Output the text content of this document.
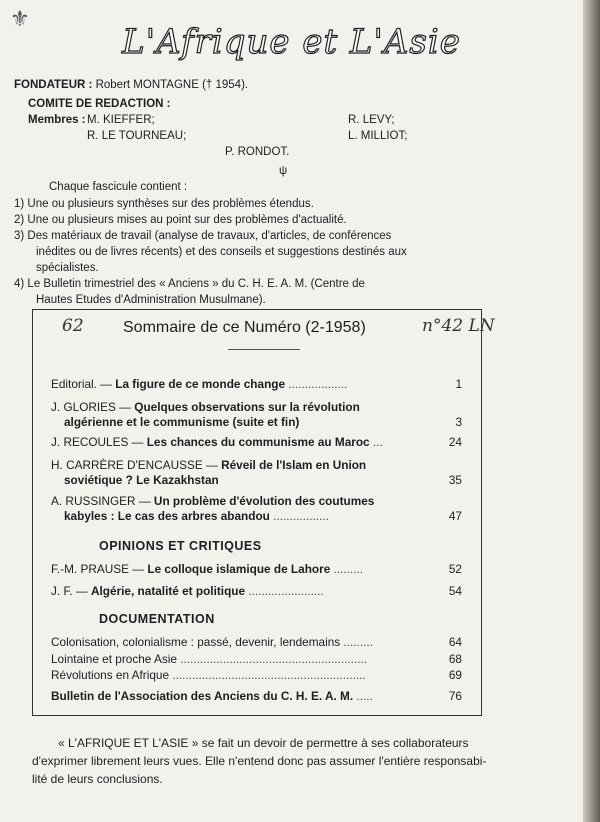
⚜
L'Afrique et L'Asie
FONDATEUR : Robert MONTAGNE († 1954).
COMITE DE REDACTION :
Membres : M. KIEFFER;	R. LEVY;
R. LE TOURNEAU;	L. MILLIOT;
P. RONDOT.
ψ
Chaque fascicule contient :
1) Une ou plusieurs synthèses sur des problèmes étendus.
2) Une ou plusieurs mises au point sur des problèmes d'actualité.
3) Des matériaux de travail (analyse de travaux, d'articles, de conférences
inédites ou de livres récents) et des conseils et suggestions destinés aux
spécialistes.
4) Le Bulletin trimestriel des « Anciens » du C. H. E. A. M. (Centre de
Hautes Etudes d'Administration Musulmane).
62 Sommaire de ce Numéro (2-1958)	n°42 LN
Editorial. — La figure de ce monde change ..................	1
J. GLORIES — Quelques observations sur la révolution
algérienne et le communisme (suite et fin)	3
J. RECOULES — Les chances du communisme au Maroc ...	24
H. CARRÈRE D'ENCAUSSE — Réveil de l'Islam en Union
soviétique ? Le Kazakhstan	35
A. RUSSINGER — Un problème d'évolution des coutumes
kabyles : Le cas des arbres abandou .................	47
OPINIONS ET CRITIQUES
F.-M. PRAUSE — Le colloque islamique de Lahore .........	52
J. F. — Algérie, natalité et politique .......................	54
DOCUMENTATION
Colonisation, colonialisme : passé, devenir, lendemains .........	64
Lointaine et proche Asie .........................................................	68
Révolutions en Afrique ...........................................................	69
Bulletin de l'Association des Anciens du C. H. E. A. M. .....	76
« L'AFRIQUE ET L'ASIE » se fait un devoir de permettre à ses collaborateurs
d'exprimer librement leurs vues. Elle n'entend donc pas assumer l'entière responsabi-
lité de leurs conclusions.
